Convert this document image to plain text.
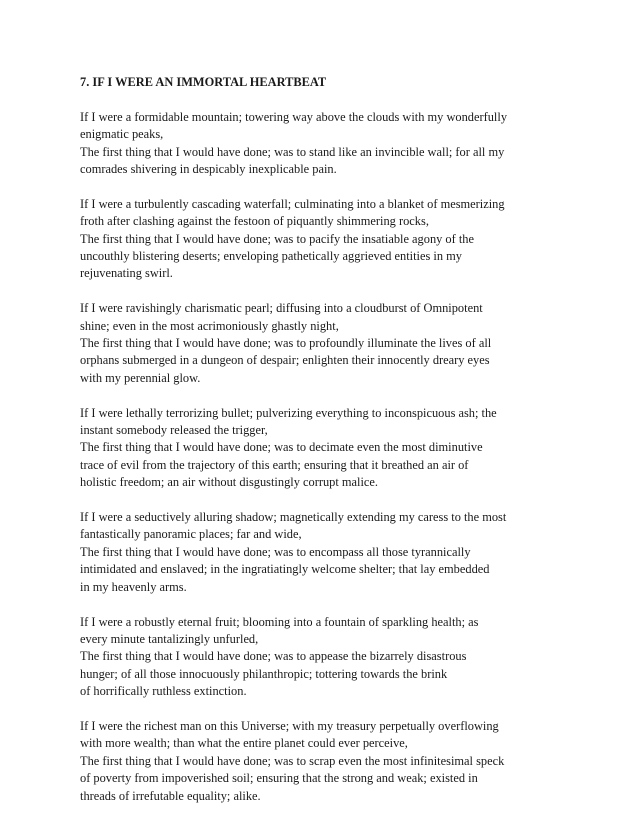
7. IF I WERE AN IMMORTAL HEARTBEAT
If I were a formidable mountain; towering way above the clouds with my wonderfully
enigmatic peaks,
The first thing that I would have done; was to stand like an invincible wall; for all my
comrades shivering in despicably inexplicable pain.
If I were a turbulently cascading waterfall; culminating into a blanket of mesmerizing
froth after clashing against the festoon of piquantly shimmering rocks,
The first thing that I would have done; was to pacify the insatiable agony of the
uncouthly blistering deserts; enveloping pathetically aggrieved entities in my
rejuvenating swirl.
If I were ravishingly charismatic pearl; diffusing into a cloudburst of Omnipotent
shine; even in the most acrimoniously ghastly night,
The first thing that I would have done; was to profoundly illuminate the lives of all
orphans submerged in a dungeon of despair; enlighten their innocently dreary eyes
with my perennial glow.
If I were lethally terrorizing bullet; pulverizing everything to inconspicuous ash; the
instant somebody released the trigger,
The first thing that I would have done; was to decimate even the most diminutive
trace of evil from the trajectory of this earth; ensuring that it breathed an air of
holistic freedom; an air without disgustingly corrupt malice.
If I were a seductively alluring shadow; magnetically extending my caress to the most
fantastically panoramic places; far and wide,
The first thing that I would have done; was to encompass all those tyrannically
intimidated and enslaved; in the ingratiatingly welcome shelter; that lay embedded
in my heavenly arms.
If I were a robustly eternal fruit; blooming into a fountain of sparkling health; as
every minute tantalizingly unfurled,
The first thing that I would have done; was to appease the bizarrely disastrous
hunger; of all those innocuously philanthropic; tottering towards the brink
of horrifically ruthless extinction.
If I were the richest man on this Universe; with my treasury perpetually overflowing
with more wealth; than what the entire planet could ever perceive,
The first thing that I would have done; was to scrap even the most infinitesimal speck
of poverty from impoverished soil; ensuring that the strong and weak; existed in
threads of irrefutable equality; alike.
